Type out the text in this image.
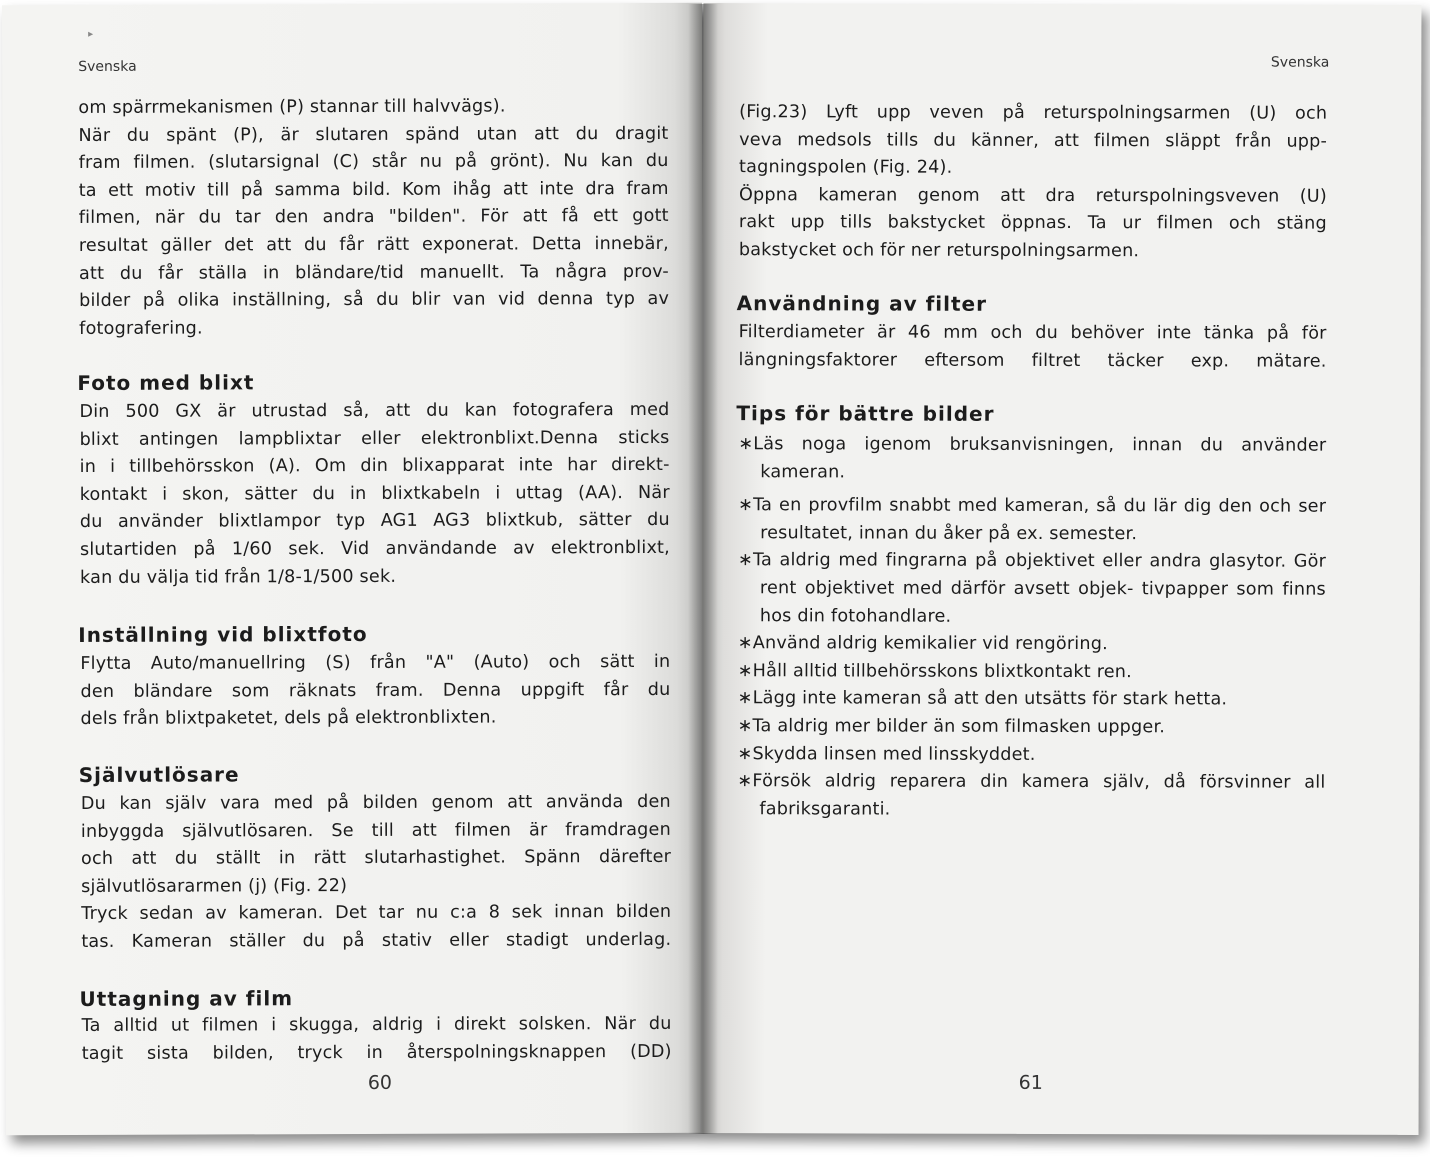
▸
Svenska
om spärrmekanismen (P) stannar till halvvägs).
När du spänt (P), är slutaren spänd utan att du dragit
fram filmen. (slutarsignal (C) står nu på grönt). Nu kan du
ta ett motiv till på samma bild. Kom ihåg att inte dra fram
filmen, när du tar den andra "bilden". För att få ett gott
resultat gäller det att du får rätt exponerat. Detta innebär,
att du får ställa in bländare/tid manuellt. Ta några prov-
bilder på olika inställning, så du blir van vid denna typ av
fotografering.
Foto med blixt
Din 500 GX är utrustad så, att du kan fotografera med
blixt antingen lampblixtar eller elektronblixt.Denna sticks
in i tillbehörsskon (A). Om din blixapparat inte har direkt-
kontakt i skon, sätter du in blixtkabeln i uttag (AA). När
du använder blixtlampor typ AG1 AG3 blixtkub, sätter du
slutartiden på 1/60 sek. Vid användande av elektronblixt,
kan du välja tid från 1/8-1/500 sek.
Inställning vid blixtfoto
Flytta Auto/manuellring (S) från "A" (Auto) och sätt in
den bländare som räknats fram. Denna uppgift får du
dels från blixtpaketet, dels på elektronblixten.
Självutlösare
Du kan själv vara med på bilden genom att använda den
inbyggda självutlösaren. Se till att filmen är framdragen
och att du ställt in rätt slutarhastighet. Spänn därefter
självutlösararmen (j) (Fig. 22)
Tryck sedan av kameran. Det tar nu c:a 8 sek innan bilden
tas. Kameran ställer du på stativ eller stadigt underlag.
Uttagning av film
Ta alltid ut filmen i skugga, aldrig i direkt solsken. När du
tagit sista bilden, tryck in återspolningsknappen (DD)
60
Svenska
(Fig.23) Lyft upp veven på returspolningsarmen (U) och
veva medsols tills du känner, att filmen släppt från upp-
tagningspolen (Fig. 24).
Öppna kameran genom att dra returspolningsveven (U)
rakt upp tills bakstycket öppnas. Ta ur filmen och stäng
bakstycket och för ner returspolningsarmen.
Användning av filter
Filterdiameter är 46 mm och du behöver inte tänka på för
längningsfaktorer eftersom filtret täcker exp. mätare.
Tips för bättre bilder
∗Läs noga igenom bruksanvisningen, innan du använder kameran.
∗Ta en provfilm snabbt med kameran, så du lär dig den och ser resultatet, innan du åker på ex. semester.
∗Ta aldrig med fingrarna på objektivet eller andra glasytor. Gör rent objektivet med därför avsett objek- tivpapper som finns hos din fotohandlare.
∗Använd aldrig kemikalier vid rengöring.
∗Håll alltid tillbehörsskons blixtkontakt ren.
∗Lägg inte kameran så att den utsätts för stark hetta.
∗Ta aldrig mer bilder än som filmasken uppger.
∗Skydda linsen med linsskyddet.
∗Försök aldrig reparera din kamera själv, då försvinner all fabriksgaranti.
61
